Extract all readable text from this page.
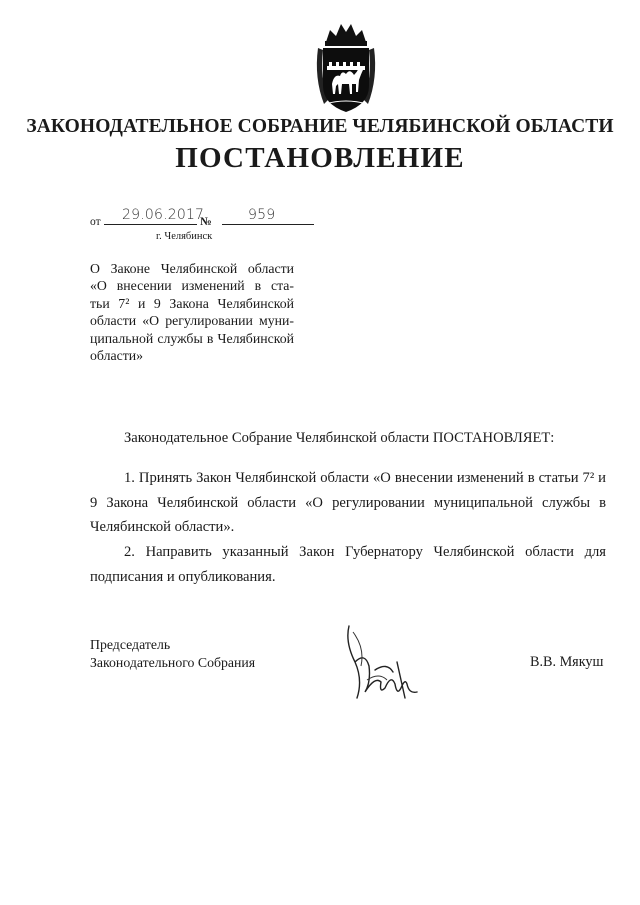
ЗАКОНОДАТЕЛЬНОЕ СОБРАНИЕ ЧЕЛЯБИНСКОЙ ОБЛАСТИ
ПОСТАНОВЛЕНИЕ
от 29.06.2017
№	959
г. Челябинск
О Законе Челябинской области
«О внесении изменений в ста-
тьи 7² и 9 Закона Челябинской
области «О регулировании муни-
ципальной службы в Челябинской
области»
Законодательное Собрание Челябинской области ПОСТАНОВЛЯЕТ:
1. Принять Закон Челябинской области «О внесении изменений в статьи 7² и 9 Закона Челябинской области «О регулировании муниципальной службы в Челябинской области».
2. Направить указанный Закон Губернатору Челябинской области для подписания и опубликования.
Председатель
Законодательного Собрания	В.В. Мякуш
